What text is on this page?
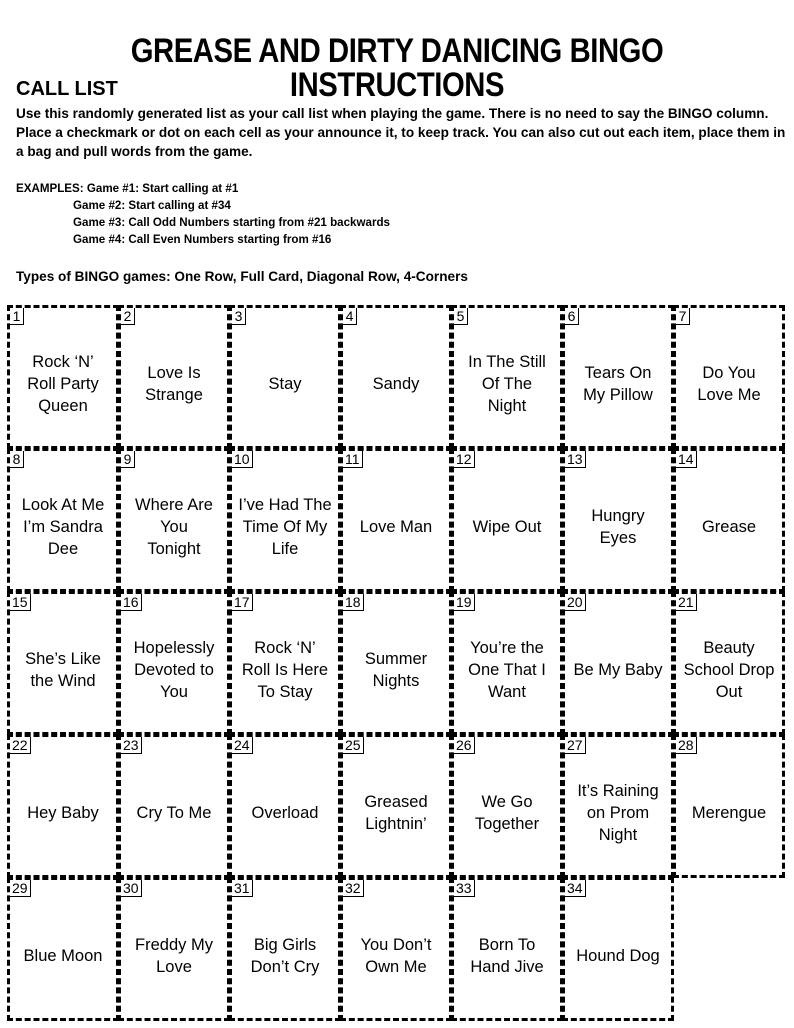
GREASE AND DIRTY DANICING BINGO INSTRUCTIONS
CALL LIST
Use this randomly generated list as your call list when playing the game. There is no need to say the BINGO column. Place a checkmark or dot on each cell as your announce it, to keep track. You can also cut out each item, place them in a bag and pull words from the game.
EXAMPLES: Game #1: Start calling at #1
Game #2: Start calling at #34
Game #3: Call Odd Numbers starting from #21 backwards
Game #4: Call Even Numbers starting from #16
Types of BINGO games: One Row, Full Card, Diagonal Row, 4-Corners
1
Rock ‘N’
Roll Party
Queen
2
Love Is
Strange
3
Stay
4
Sandy
5
In The Still
Of The
Night
6
Tears On
My Pillow
7
Do You
Love Me
8
Look At Me
I’m Sandra
Dee
9
Where Are
You
Tonight
10
I’ve Had The
Time Of My
Life
11
Love Man
12
Wipe Out
13
Hungry
Eyes
14
Grease
15
She’s Like
the Wind
16
Hopelessly
Devoted to
You
17
Rock ‘N’
Roll Is Here
To Stay
18
Summer
Nights
19
You’re the
One That I
Want
20
Be My Baby
21
Beauty
School Drop
Out
22
Hey Baby
23
Cry To Me
24
Overload
25
Greased
Lightnin’
26
We Go
Together
27
It’s Raining
on Prom
Night
28
Merengue
29
Blue Moon
30
Freddy My
Love
31
Big Girls
Don’t Cry
32
You Don’t
Own Me
33
Born To
Hand Jive
34
Hound Dog
